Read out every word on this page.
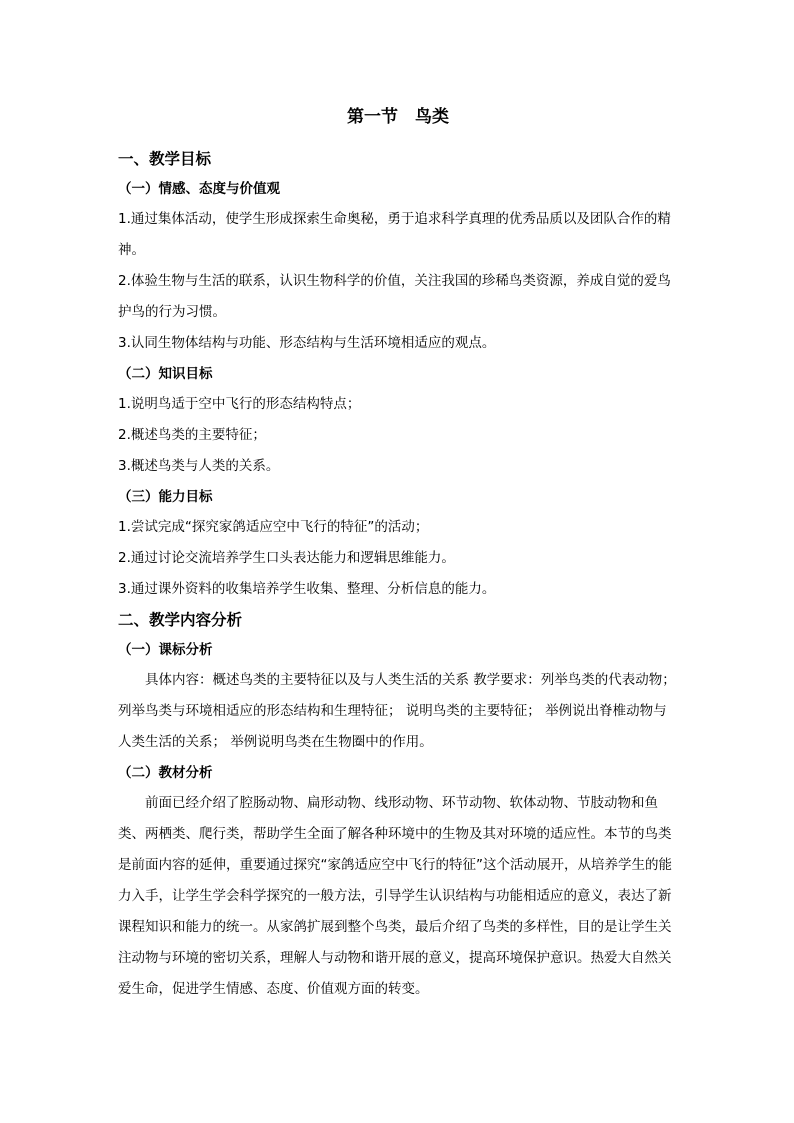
第一节　鸟类
一、教学目标
（一）情感、态度与价值观

1.通过集体活动，使学生形成探索生命奥秘，勇于追求科学真理的优秀品质以及团队合作的精神。

2.体验生物与生活的联系，认识生物科学的价值，关注我国的珍稀鸟类资源，养成自觉的爱鸟护鸟的行为习惯。

3.认同生物体结构与功能、形态结构与生活环境相适应的观点。

（二）知识目标

1.说明鸟适于空中飞行的形态结构特点；

2.概述鸟类的主要特征；

3.概述鸟类与人类的关系。

（三）能力目标

1.尝试完成“探究家鸽适应空中飞行的特征”的活动；

2.通过讨论交流培养学生口头表达能力和逻辑思维能力。

3.通过课外资料的收集培养学生收集、整理、分析信息的能力。

二、教学内容分析
（一）课标分析

具体内容：概述鸟类的主要特征以及与人类生活的关系 教学要求：列举鸟类的代表动物； 列举鸟类与环境相适应的形态结构和生理特征； 说明鸟类的主要特征； 举例说出脊椎动物与人类生活的关系； 举例说明鸟类在生物圈中的作用。

（二）教材分析

前面已经介绍了腔肠动物、扁形动物、线形动物、环节动物、软体动物、节肢动物和鱼类、两栖类、爬行类，帮助学生全面了解各种环境中的生物及其对环境的适应性。本节的鸟类是前面内容的延伸，重要通过探究“家鸽适应空中飞行的特征”这个活动展开，从培养学生的能力入手，让学生学会科学探究的一般方法，引导学生认识结构与功能相适应的意义，表达了新课程知识和能力的统一。从家鸽扩展到整个鸟类，最后介绍了鸟类的多样性，目的是让学生关注动物与环境的密切关系，理解人与动物和谐开展的意义，提高环境保护意识。热爱大自然关爱生命，促进学生情感、态度、价值观方面的转变。
